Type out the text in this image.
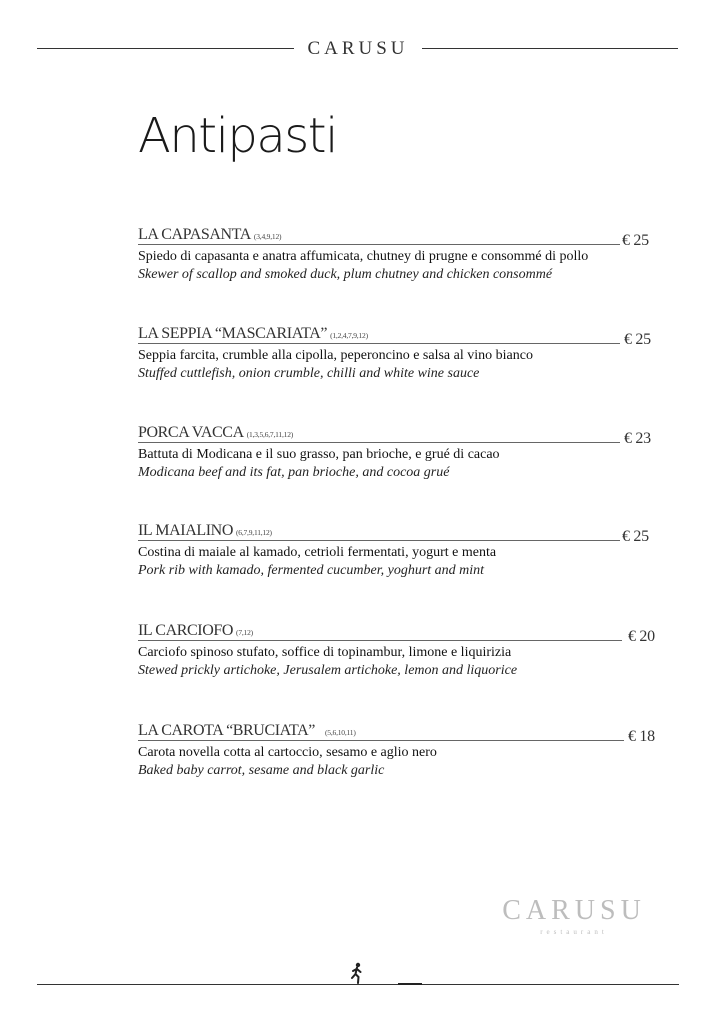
CARUSU
Antipasti
LA CAPASANTA (3,4,9,12)	€ 25
Spiedo di capasanta e anatra affumicata, chutney di prugne e consommé di pollo
Skewer of scallop and smoked duck, plum chutney and chicken consommé
LA SEPPIA “MASCARIATA” (1,2,4,7,9,12)	€ 25
Seppia farcita, crumble alla cipolla, peperoncino e salsa al vino bianco
Stuffed cuttlefish, onion crumble, chilli and white wine sauce
PORCA VACCA (1,3,5,6,7,11,12)	€ 23
Battuta di Modicana e il suo grasso, pan brioche, e grué di cacao
Modicana beef and its fat, pan brioche, and cocoa grué
IL MAIALINO (6,7,9,11,12)	€ 25
Costina di maiale al kamado, cetrioli fermentati, yogurt e menta
Pork rib with kamado, fermented cucumber, yoghurt and mint
IL CARCIOFO (7,12)	€ 20
Carciofo spinoso stufato, soffice di topinambur, limone e liquirizia
Stewed prickly artichoke, Jerusalem artichoke, lemon and liquorice
LA CAROTA “BRUCIATA” (5,6,10,11)	€ 18
Carota novella cotta al cartoccio, sesamo e aglio nero
Baked baby carrot, sesame and black garlic
CARUSU
restaurant
